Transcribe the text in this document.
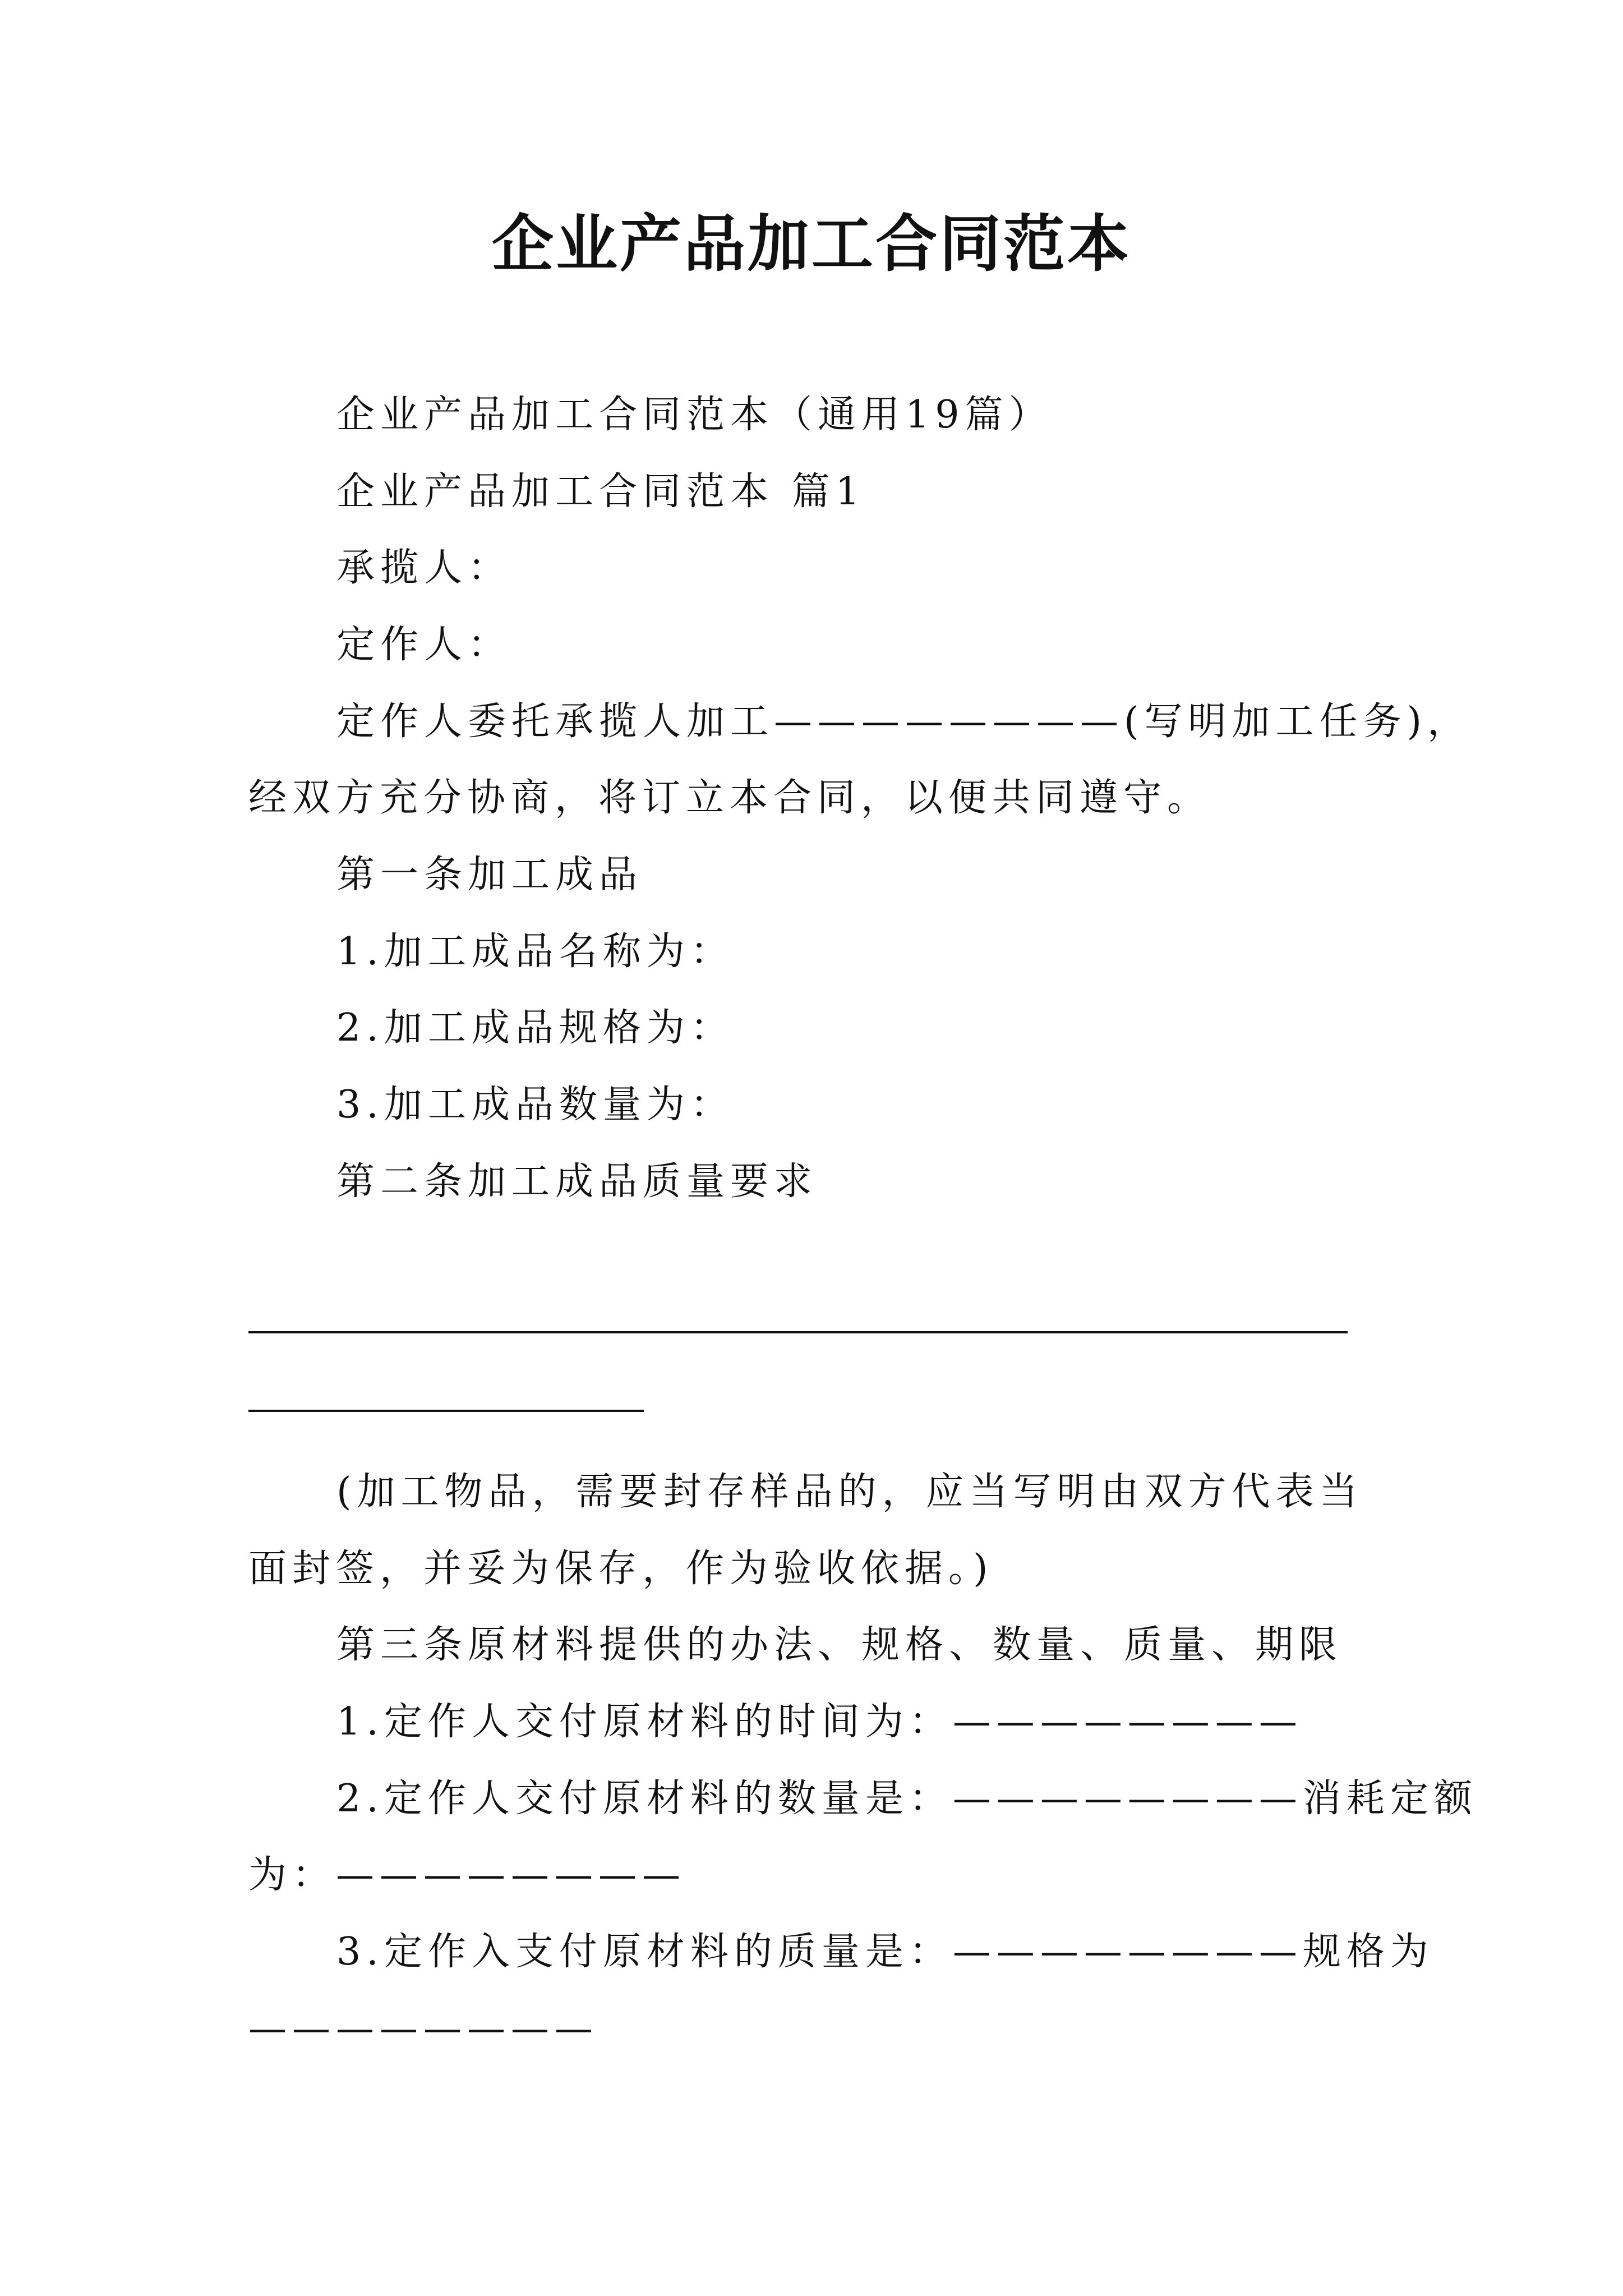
企业产品加工合同范本
企业产品加工合同范本（通用19篇）
企业产品加工合同范本 篇1
承揽人：
定作人：
定作人委托承揽人加工————————(写明加工任务)，
经双方充分协商，将订立本合同，以便共同遵守。
第一条加工成品
1.加工成品名称为：
2.加工成品规格为：
3.加工成品数量为：
第二条加工成品质量要求
(加工物品，需要封存样品的，应当写明由双方代表当
面封签，并妥为保存，作为验收依据。)
第三条原材料提供的办法、规格、数量、质量、期限
1.定作人交付原材料的时间为：————————
2.定作人交付原材料的数量是：————————消耗定额
为：————————
3.定作入支付原材料的质量是：————————规格为
————————
